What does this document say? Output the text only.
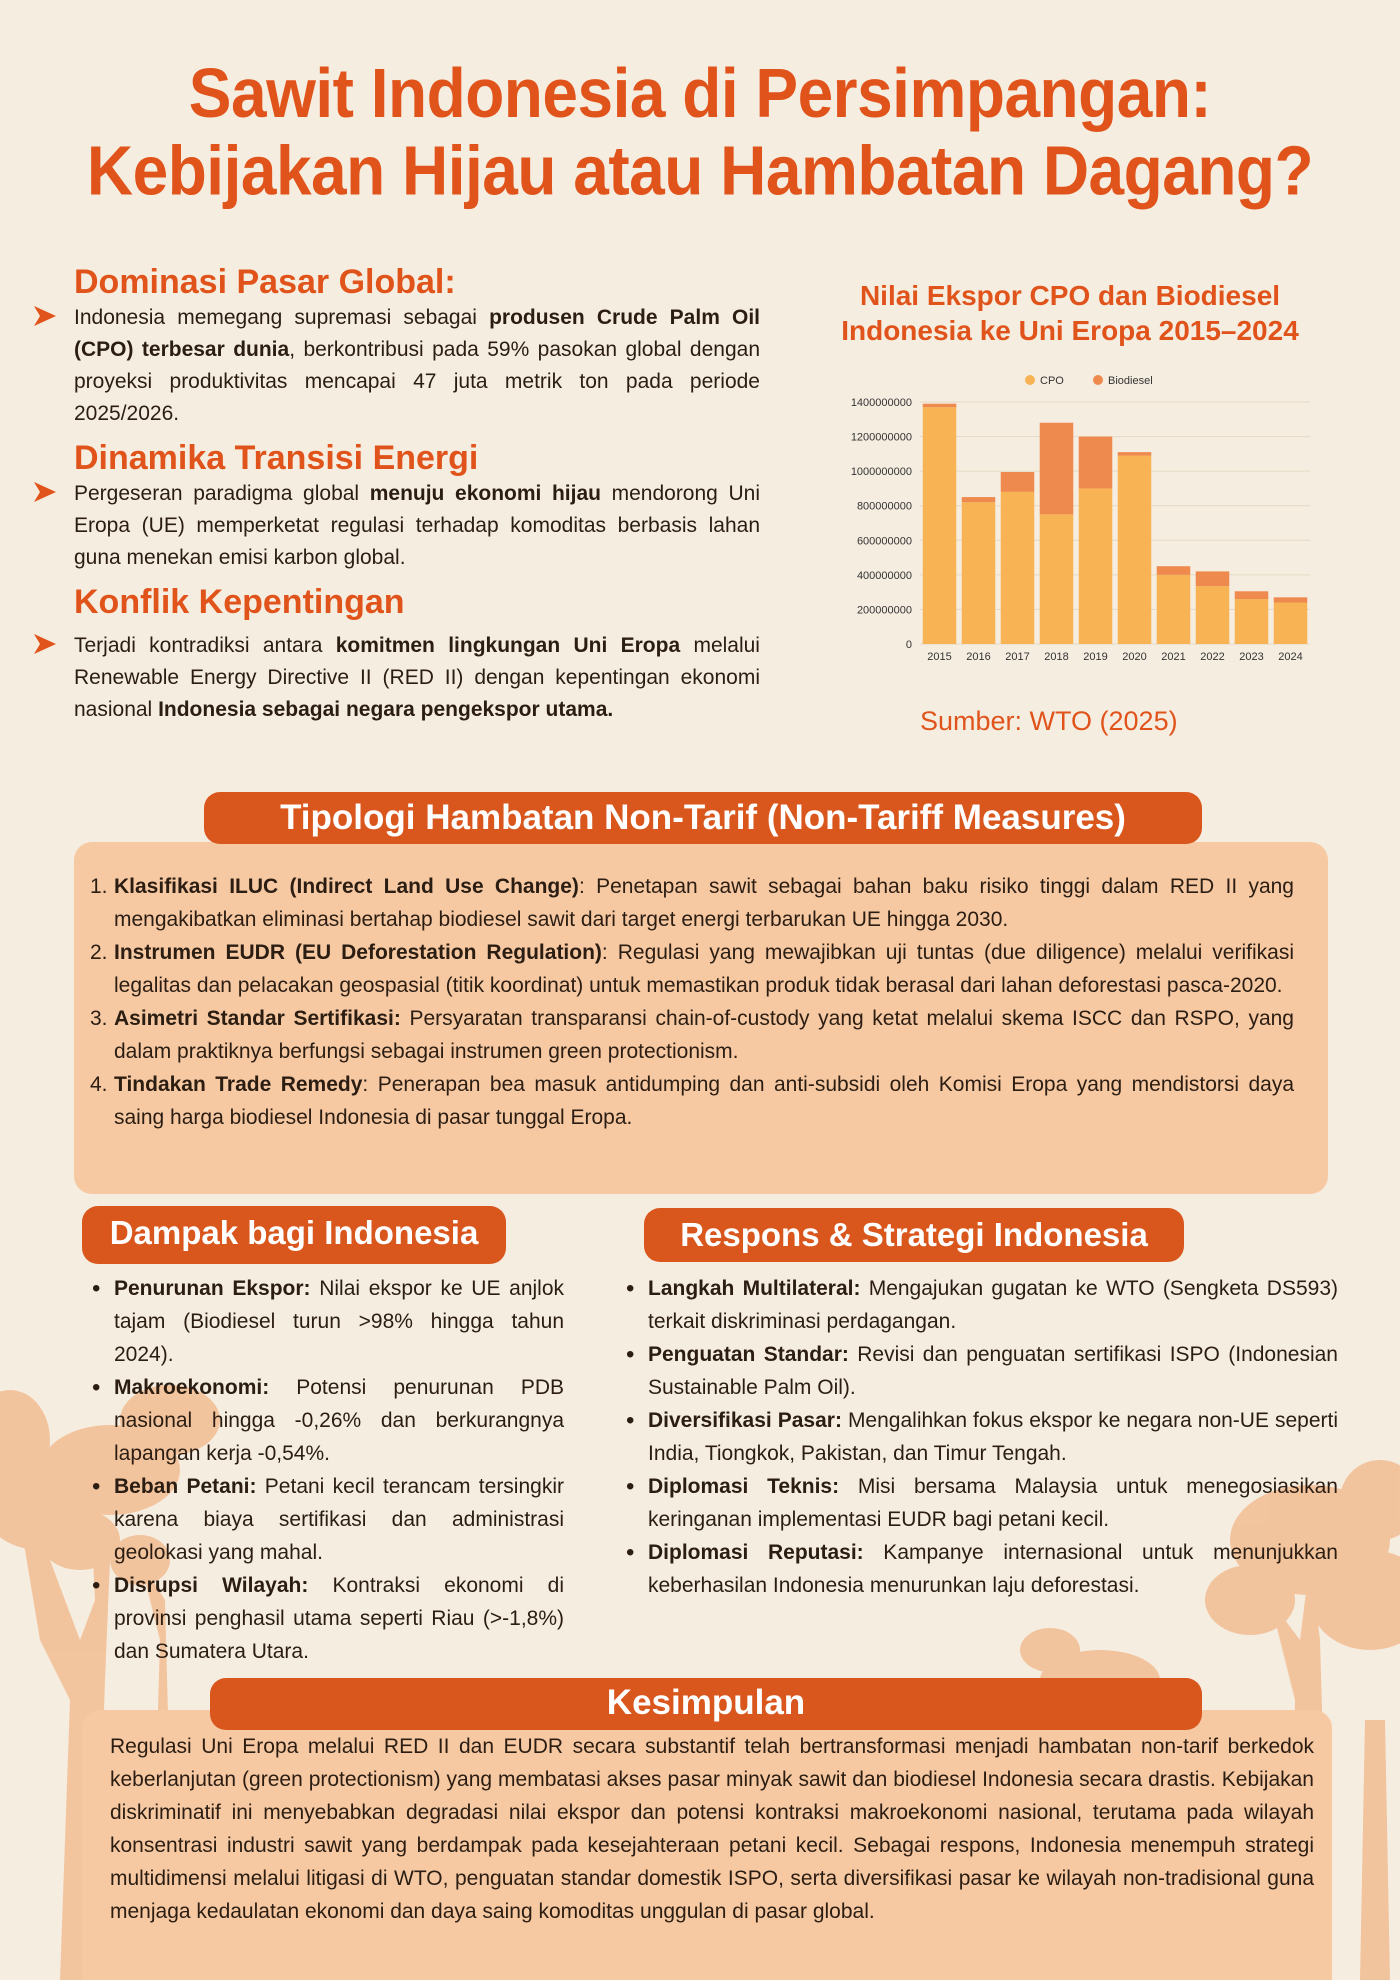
Sawit Indonesia di Persimpangan:
Kebijakan Hijau atau Hambatan Dagang?
Dominasi Pasar Global:
Indonesia memegang supremasi sebagai produsen Crude Palm Oil (CPO) terbesar dunia, berkontribusi pada 59% pasokan global dengan proyeksi produktivitas mencapai 47 juta metrik ton pada periode 2025/2026.
Dinamika Transisi Energi
Pergeseran paradigma global menuju ekonomi hijau mendorong Uni Eropa (UE) memperketat regulasi terhadap komoditas berbasis lahan guna menekan emisi karbon global.
Konflik Kepentingan
Terjadi kontradiksi antara komitmen lingkungan Uni Eropa melalui Renewable Energy Directive II (RED II) dengan kepentingan ekonomi nasional Indonesia sebagai negara pengekspor utama.
Nilai Ekspor CPO dan Biodiesel
Indonesia ke Uni Eropa 2015–2024
0
200000000
400000000
600000000
800000000
1000000000
1200000000
1400000000
CPO	Biodiesel
2015 2016 2017 2018 2019 2020 2021 2022 2023 2024
Sumber: WTO (2025)
Tipologi Hambatan Non-Tarif (Non-Tariff Measures)
1. Klasifikasi ILUC (Indirect Land Use Change): Penetapan sawit sebagai bahan baku risiko tinggi dalam RED II yang mengakibatkan eliminasi bertahap biodiesel sawit dari target energi terbarukan UE hingga 2030.
2. Instrumen EUDR (EU Deforestation Regulation): Regulasi yang mewajibkan uji tuntas (due diligence) melalui verifikasi legalitas dan pelacakan geospasial (titik koordinat) untuk memastikan produk tidak berasal dari lahan deforestasi pasca-2020.
3. Asimetri Standar Sertifikasi: Persyaratan transparansi chain-of-custody yang ketat melalui skema ISCC dan RSPO, yang dalam praktiknya berfungsi sebagai instrumen green protectionism.
4. Tindakan Trade Remedy: Penerapan bea masuk antidumping dan anti-subsidi oleh Komisi Eropa yang mendistorsi daya saing harga biodiesel Indonesia di pasar tunggal Eropa.
Dampak bagi Indonesia
• Penurunan Ekspor: Nilai ekspor ke UE anjlok tajam (Biodiesel turun >98% hingga tahun 2024).
• Makroekonomi: Potensi penurunan PDB nasional hingga -0,26% dan berkurangnya lapangan kerja -0,54%.
• Beban Petani: Petani kecil terancam tersingkir karena biaya sertifikasi dan administrasi geolokasi yang mahal.
• Disrupsi Wilayah: Kontraksi ekonomi di provinsi penghasil utama seperti Riau (>-1,8%) dan Sumatera Utara.
Respons & Strategi Indonesia
• Langkah Multilateral: Mengajukan gugatan ke WTO (Sengketa DS593) terkait diskriminasi perdagangan.
• Penguatan Standar: Revisi dan penguatan sertifikasi ISPO (Indonesian Sustainable Palm Oil).
• Diversifikasi Pasar: Mengalihkan fokus ekspor ke negara non-UE seperti India, Tiongkok, Pakistan, dan Timur Tengah.
• Diplomasi Teknis: Misi bersama Malaysia untuk menegosiasikan keringanan implementasi EUDR bagi petani kecil.
• Diplomasi Reputasi: Kampanye internasional untuk menunjukkan keberhasilan Indonesia menurunkan laju deforestasi.
Kesimpulan
Regulasi Uni Eropa melalui RED II dan EUDR secara substantif telah bertransformasi menjadi hambatan non-tarif berkedok keberlanjutan (green protectionism) yang membatasi akses pasar minyak sawit dan biodiesel Indonesia secara drastis. Kebijakan diskriminatif ini menyebabkan degradasi nilai ekspor dan potensi kontraksi makroekonomi nasional, terutama pada wilayah konsentrasi industri sawit yang berdampak pada kesejahteraan petani kecil. Sebagai respons, Indonesia menempuh strategi multidimensi melalui litigasi di WTO, penguatan standar domestik ISPO, serta diversifikasi pasar ke wilayah non-tradisional guna menjaga kedaulatan ekonomi dan daya saing komoditas unggulan di pasar global.
